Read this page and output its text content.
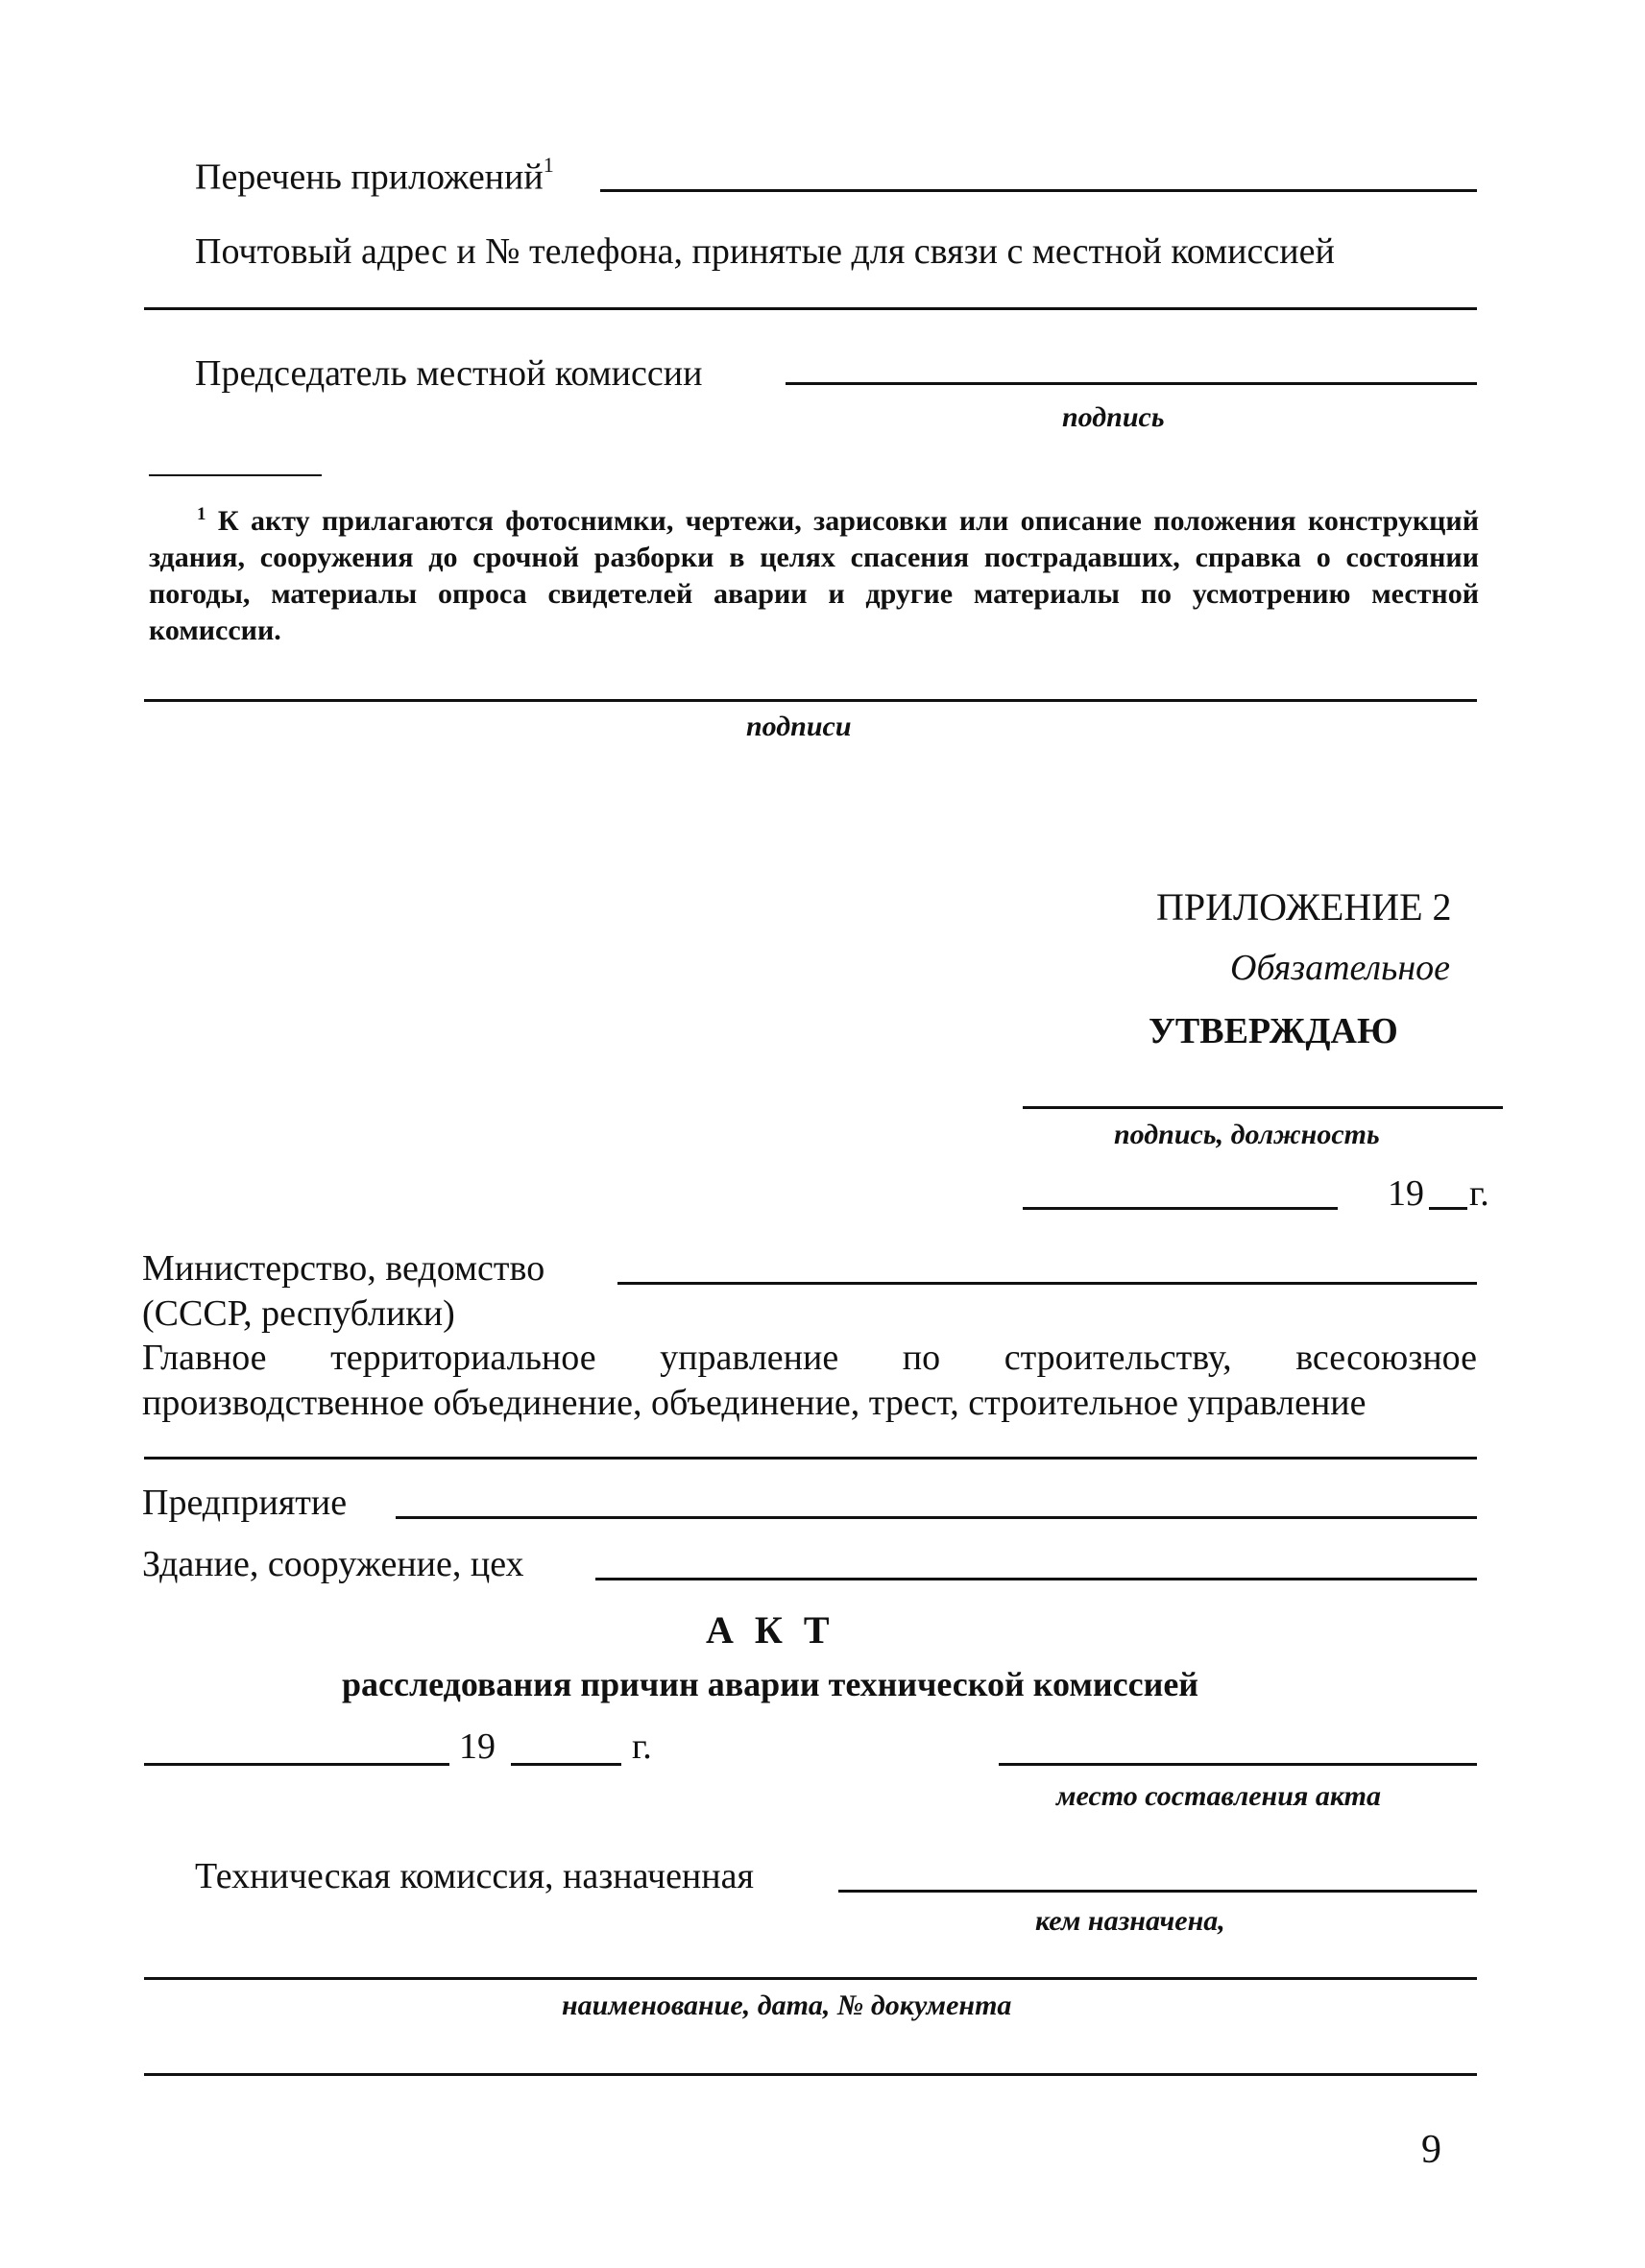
Перечень приложений$^1$
Почтовый адрес и № телефона, принятые для связи с местной комиссией
Председатель местной комиссии
подпись
$^1$ К акту прилагаются фотоснимки, чертежи, зарисовки или описание положения конструкций здания, сооружения до срочной разборки в целях спасения пострадавших, справка о состоянии погоды, материалы опроса свидетелей аварии и другие материалы по усмотрению местной комиссии.
подписи
ПРИЛОЖЕНИЕ 2
Обязательное
УТВЕРЖДАЮ
подпись, должность
19 г.
Министерство, ведомство
(СССР, республики)
Главное территориальное управление по строительству, всесоюзное производственное объединение, объединение, трест, строительное управление
Предприятие
Здание, сооружение, цех
А К Т
расследования причин аварии технической комиссией
19	г.
место составления акта
Техническая комиссия, назначенная
кем назначена,
наименование, дата, № документа
9
